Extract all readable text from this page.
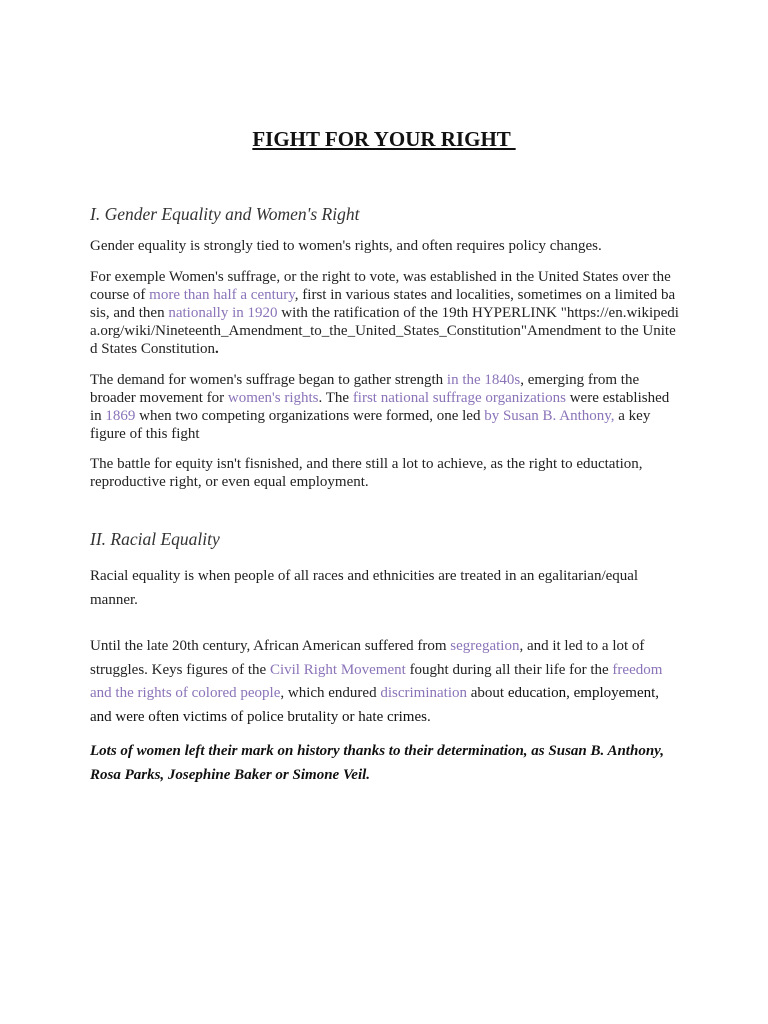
FIGHT FOR YOUR RIGHT

I. Gender Equality and Women's Right

Gender equality is strongly tied to women's rights, and often requires policy changes.

For exemple Women's suffrage, or the right to vote, was established in the United States over the course of more than half a century, first in various states and localities, sometimes on a limited basis, and then nationally in 1920 with the ratification of the 19th HYPERLINK "https://en.wikipedia.org/wiki/Nineteenth_Amendment_to_the_United_States_Constitution"Amendment to the United States Constitution.

The demand for women's suffrage began to gather strength in the 1840s, emerging from the broader movement for women's rights. The first national suffrage organizations were established in 1869 when two competing organizations were formed, one led by Susan B. Anthony, a key figure of this fight

The battle for equity isn't fisnished, and there still a lot to achieve, as the right to eductation, reproductive right, or even equal employment.

II. Racial Equality

Racial equality is when people of all races and ethnicities are treated in an egalitarian/equal manner.

Until the late 20th century, African American suffered from segregation, and it led to a lot of struggles. Keys figures of the Civil Right Movement fought during all their life for the freedom and the rights of colored people, which endured discrimination about education, employement, and were often victims of police brutality or hate crimes.

Lots of women left their mark on history thanks to their determination, as Susan B. Anthony, Rosa Parks, Josephine Baker or Simone Veil.
